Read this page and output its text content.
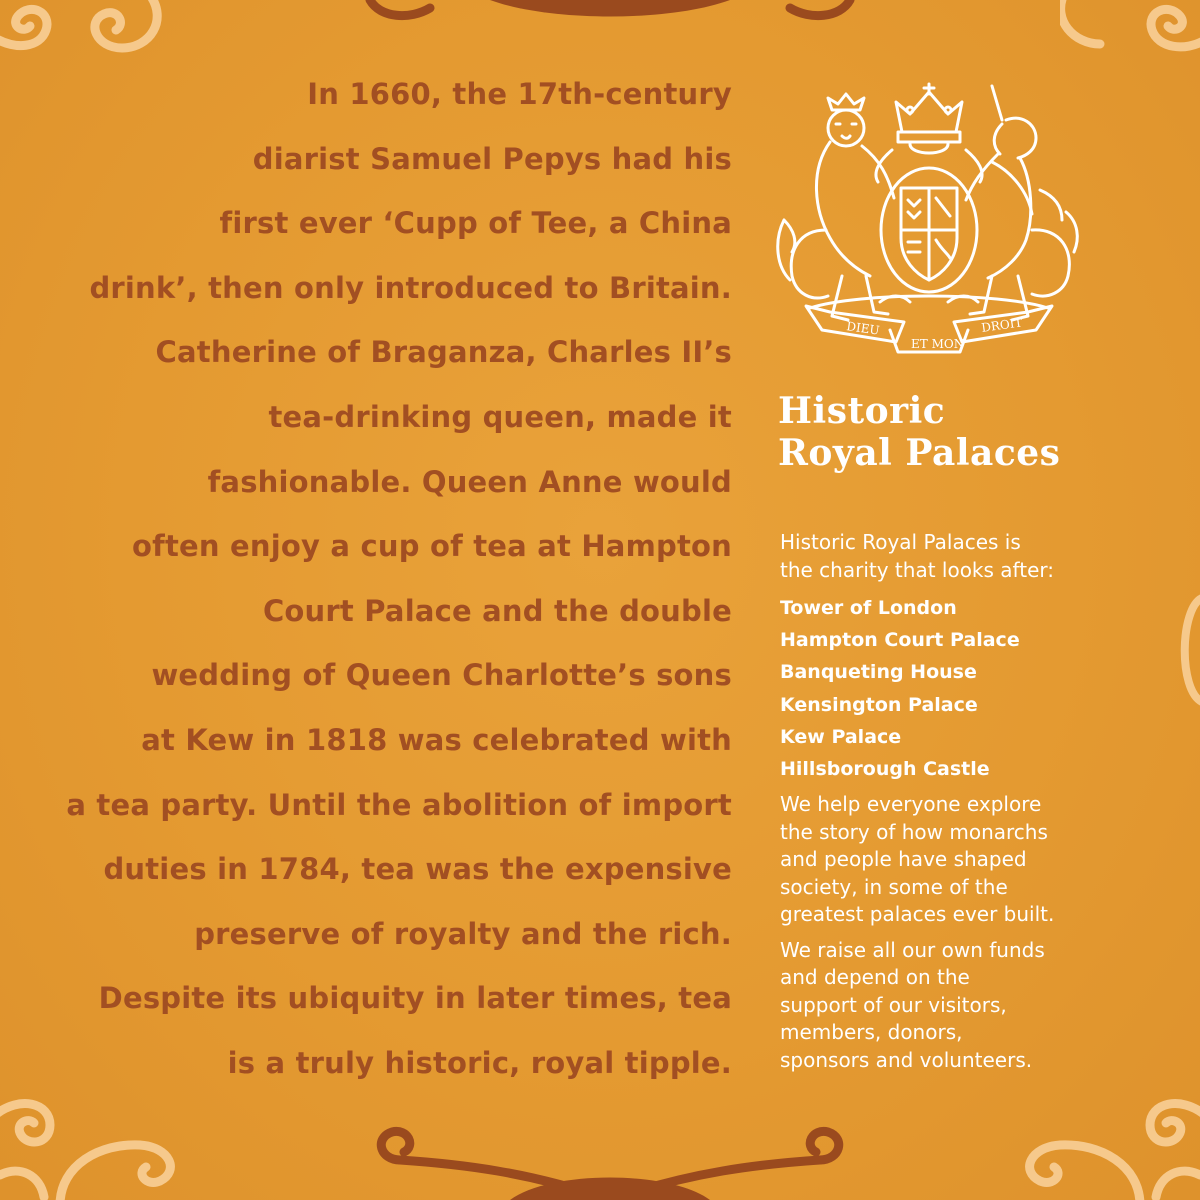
In 1660, the 17th-century
diarist Samuel Pepys had his
first ever ‘Cupp of Tee, a China
drink’, then only introduced to Britain.
Catherine of Braganza, Charles II’s
tea-drinking queen, made it
fashionable. Queen Anne would
often enjoy a cup of tea at Hampton
Court Palace and the double
wedding of Queen Charlotte’s sons
at Kew in 1818 was celebrated with
a tea party. Until the abolition of import
duties in 1784, tea was the expensive
preserve of royalty and the rich.
Despite its ubiquity in later times, tea
is a truly historic, royal tipple.
DIEU
ET MON
DROIT
Historic
Royal Palaces

Historic Royal Palaces is

the charity that looks after:

Tower of London
Hampton Court Palace
Banqueting House
Kensington Palace
Kew Palace
Hillsborough Castle

We help everyone explore

the story of how monarchs

and people have shaped

society, in some of the

greatest palaces ever built.

We raise all our own funds

and depend on the

support of our visitors,

members, donors,

sponsors and volunteers.
